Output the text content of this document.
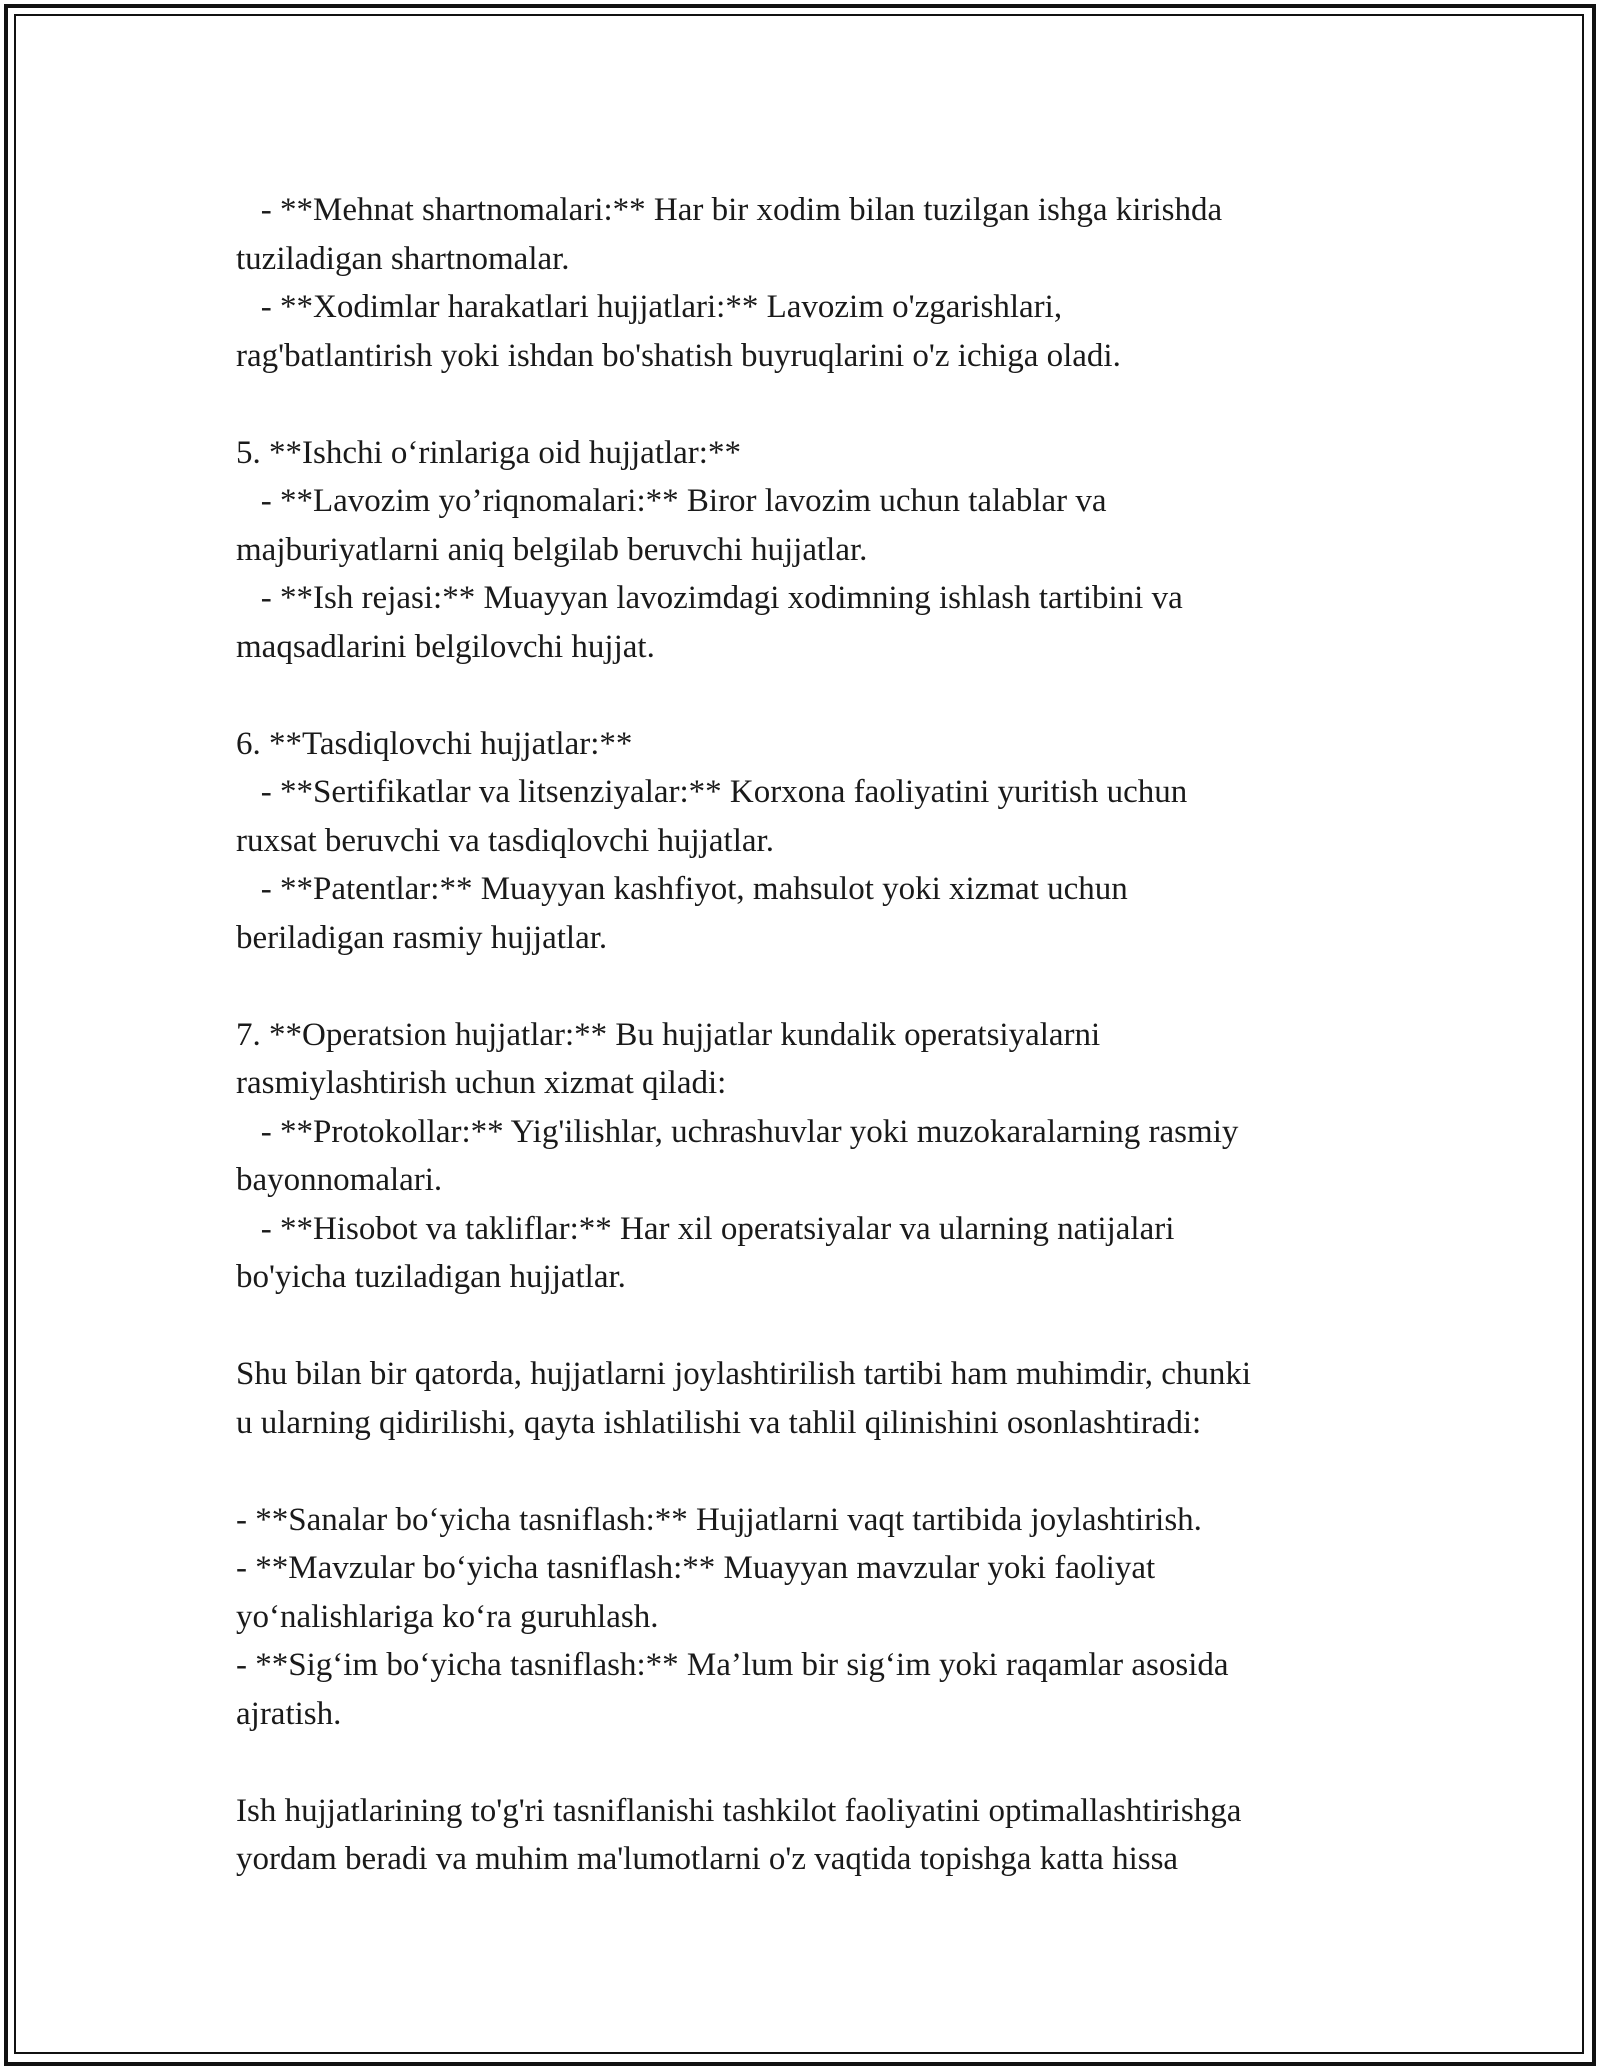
- **Mehnat shartnomalari:** Har bir xodim bilan tuzilgan ishga kirishda
tuziladigan shartnomalar.
- **Xodimlar harakatlari hujjatlari:** Lavozim o'zgarishlari,
rag'batlantirish yoki ishdan bo'shatish buyruqlarini o'z ichiga oladi.
5. **Ishchi o‘rinlariga oid hujjatlar:**
- **Lavozim yo’riqnomalari:** Biror lavozim uchun talablar va
majburiyatlarni aniq belgilab beruvchi hujjatlar.
- **Ish rejasi:** Muayyan lavozimdagi xodimning ishlash tartibini va
maqsadlarini belgilovchi hujjat.
6. **Tasdiqlovchi hujjatlar:**
- **Sertifikatlar va litsenziyalar:** Korxona faoliyatini yuritish uchun
ruxsat beruvchi va tasdiqlovchi hujjatlar.
- **Patentlar:** Muayyan kashfiyot, mahsulot yoki xizmat uchun
beriladigan rasmiy hujjatlar.
7. **Operatsion hujjatlar:** Bu hujjatlar kundalik operatsiyalarni
rasmiylashtirish uchun xizmat qiladi:
- **Protokollar:** Yig'ilishlar, uchrashuvlar yoki muzokaralarning rasmiy
bayonnomalari.
- **Hisobot va takliflar:** Har xil operatsiyalar va ularning natijalari
bo'yicha tuziladigan hujjatlar.
Shu bilan bir qatorda, hujjatlarni joylashtirilish tartibi ham muhimdir, chunki
u ularning qidirilishi, qayta ishlatilishi va tahlil qilinishini osonlashtiradi:
- **Sanalar bo‘yicha tasniflash:** Hujjatlarni vaqt tartibida joylashtirish.
- **Mavzular bo‘yicha tasniflash:** Muayyan mavzular yoki faoliyat
yo‘nalishlariga ko‘ra guruhlash.
- **Sig‘im bo‘yicha tasniflash:** Ma’lum bir sig‘im yoki raqamlar asosida
ajratish.
Ish hujjatlarining to'g'ri tasniflanishi tashkilot faoliyatini optimallashtirishga
yordam beradi va muhim ma'lumotlarni o'z vaqtida topishga katta hissa
